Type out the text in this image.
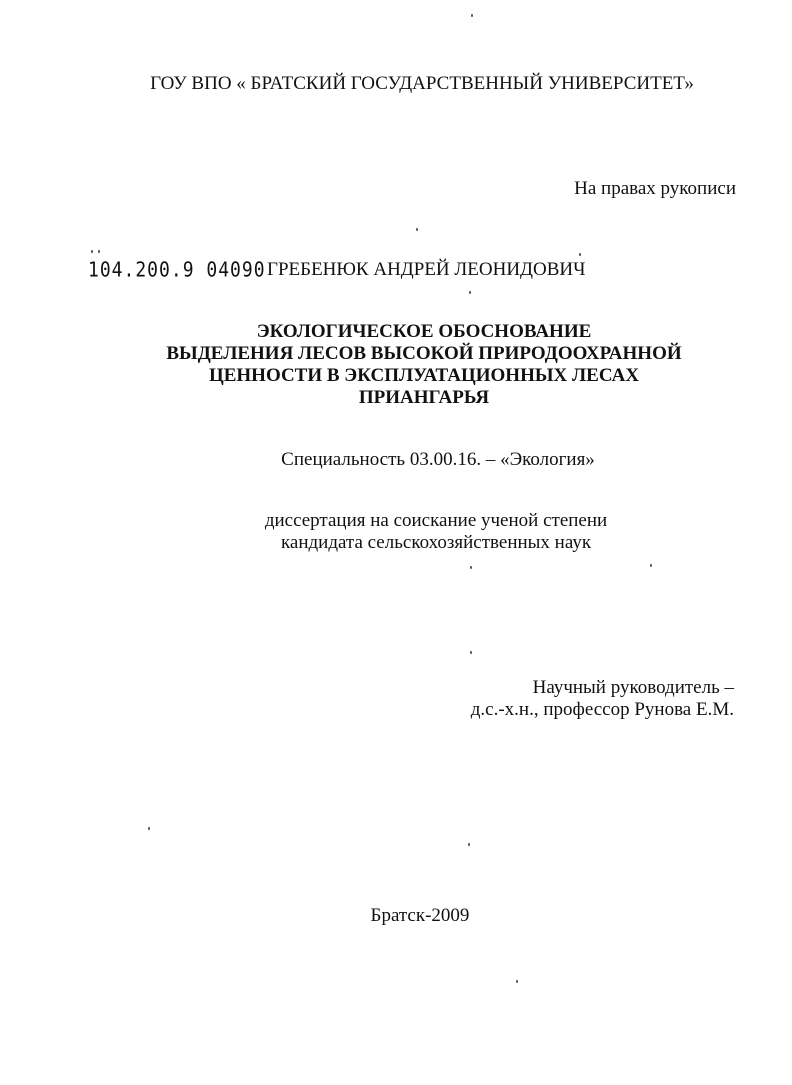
ГОУ ВПО « БРАТСКИЙ ГОСУДАРСТВЕННЫЙ УНИВЕРСИТЕТ»
На правах рукописи
104.200.9 04090 ГРЕБЕНЮК АНДРЕЙ ЛЕОНИДОВИЧ
ЭКОЛОГИЧЕСКОЕ ОБОСНОВАНИЕ
ВЫДЕЛЕНИЯ ЛЕСОВ ВЫСОКОЙ ПРИРОДООХРАННОЙ
ЦЕННОСТИ В ЭКСПЛУАТАЦИОННЫХ ЛЕСАХ
ПРИАНГАРЬЯ
Специальность 03.00.16. – «Экология»
диссертация на соискание ученой степени
кандидата сельскохозяйственных наук
Научный руководитель –
д.с.-х.н., профессор Рунова Е.М.
Братск-2009
